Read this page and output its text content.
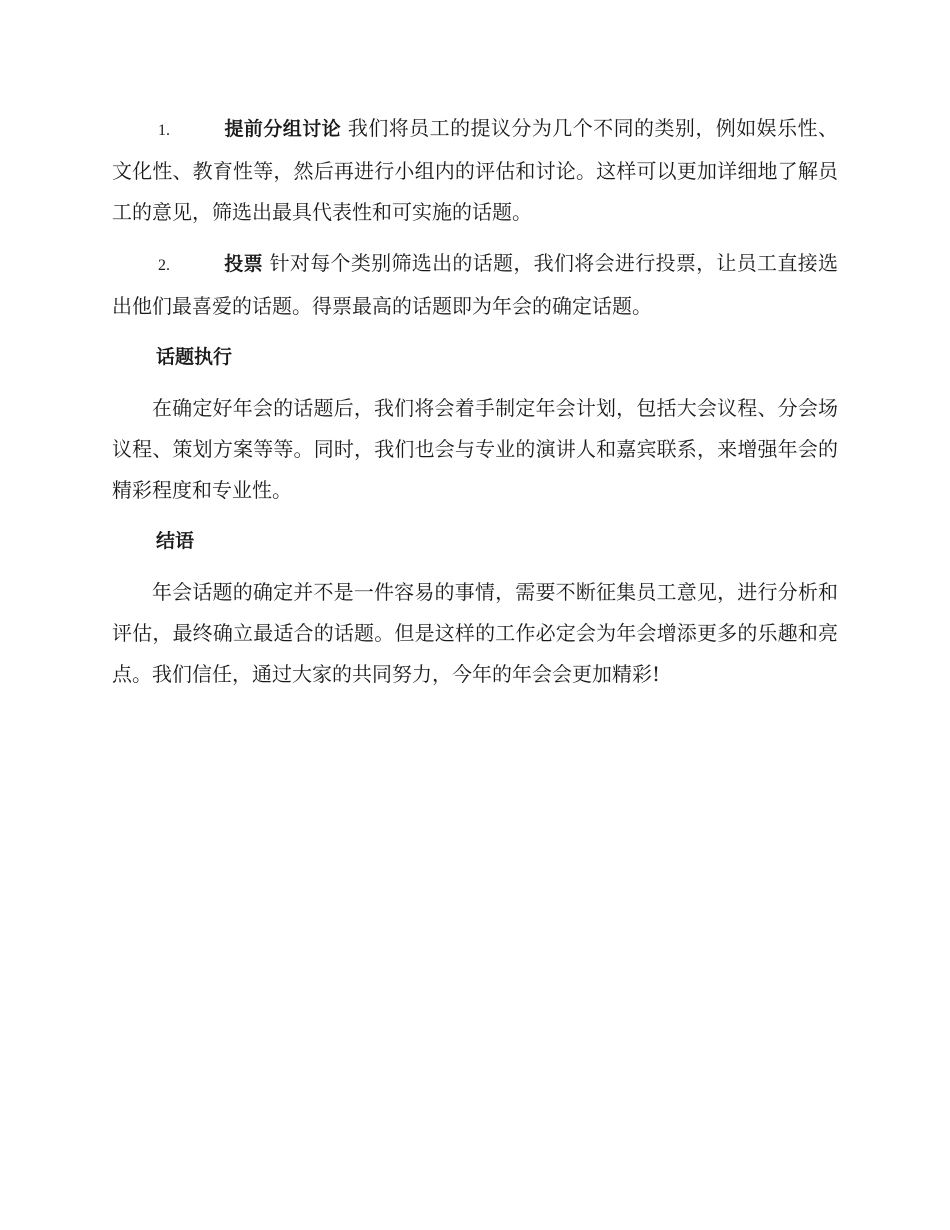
1.	提前分组讨论 我们将员工的提议分为几个不同的类别，例如娱乐性、文化性、教育性等，然后再进行小组内的评估和讨论。这样可以更加详细地了解员工的意见，筛选出最具代表性和可实施的话题。

2.	投票 针对每个类别筛选出的话题，我们将会进行投票，让员工直接选出他们最喜爱的话题。得票最高的话题即为年会的确定话题。

话题执行

在确定好年会的话题后，我们将会着手制定年会计划，包括大会议程、分会场议程、策划方案等等。同时，我们也会与专业的演讲人和嘉宾联系，来增强年会的精彩程度和专业性。

结语

年会话题的确定并不是一件容易的事情，需要不断征集员工意见，进行分析和评估，最终确立最适合的话题。但是这样的工作必定会为年会增添更多的乐趣和亮点。我们信任，通过大家的共同努力，今年的年会会更加精彩!
